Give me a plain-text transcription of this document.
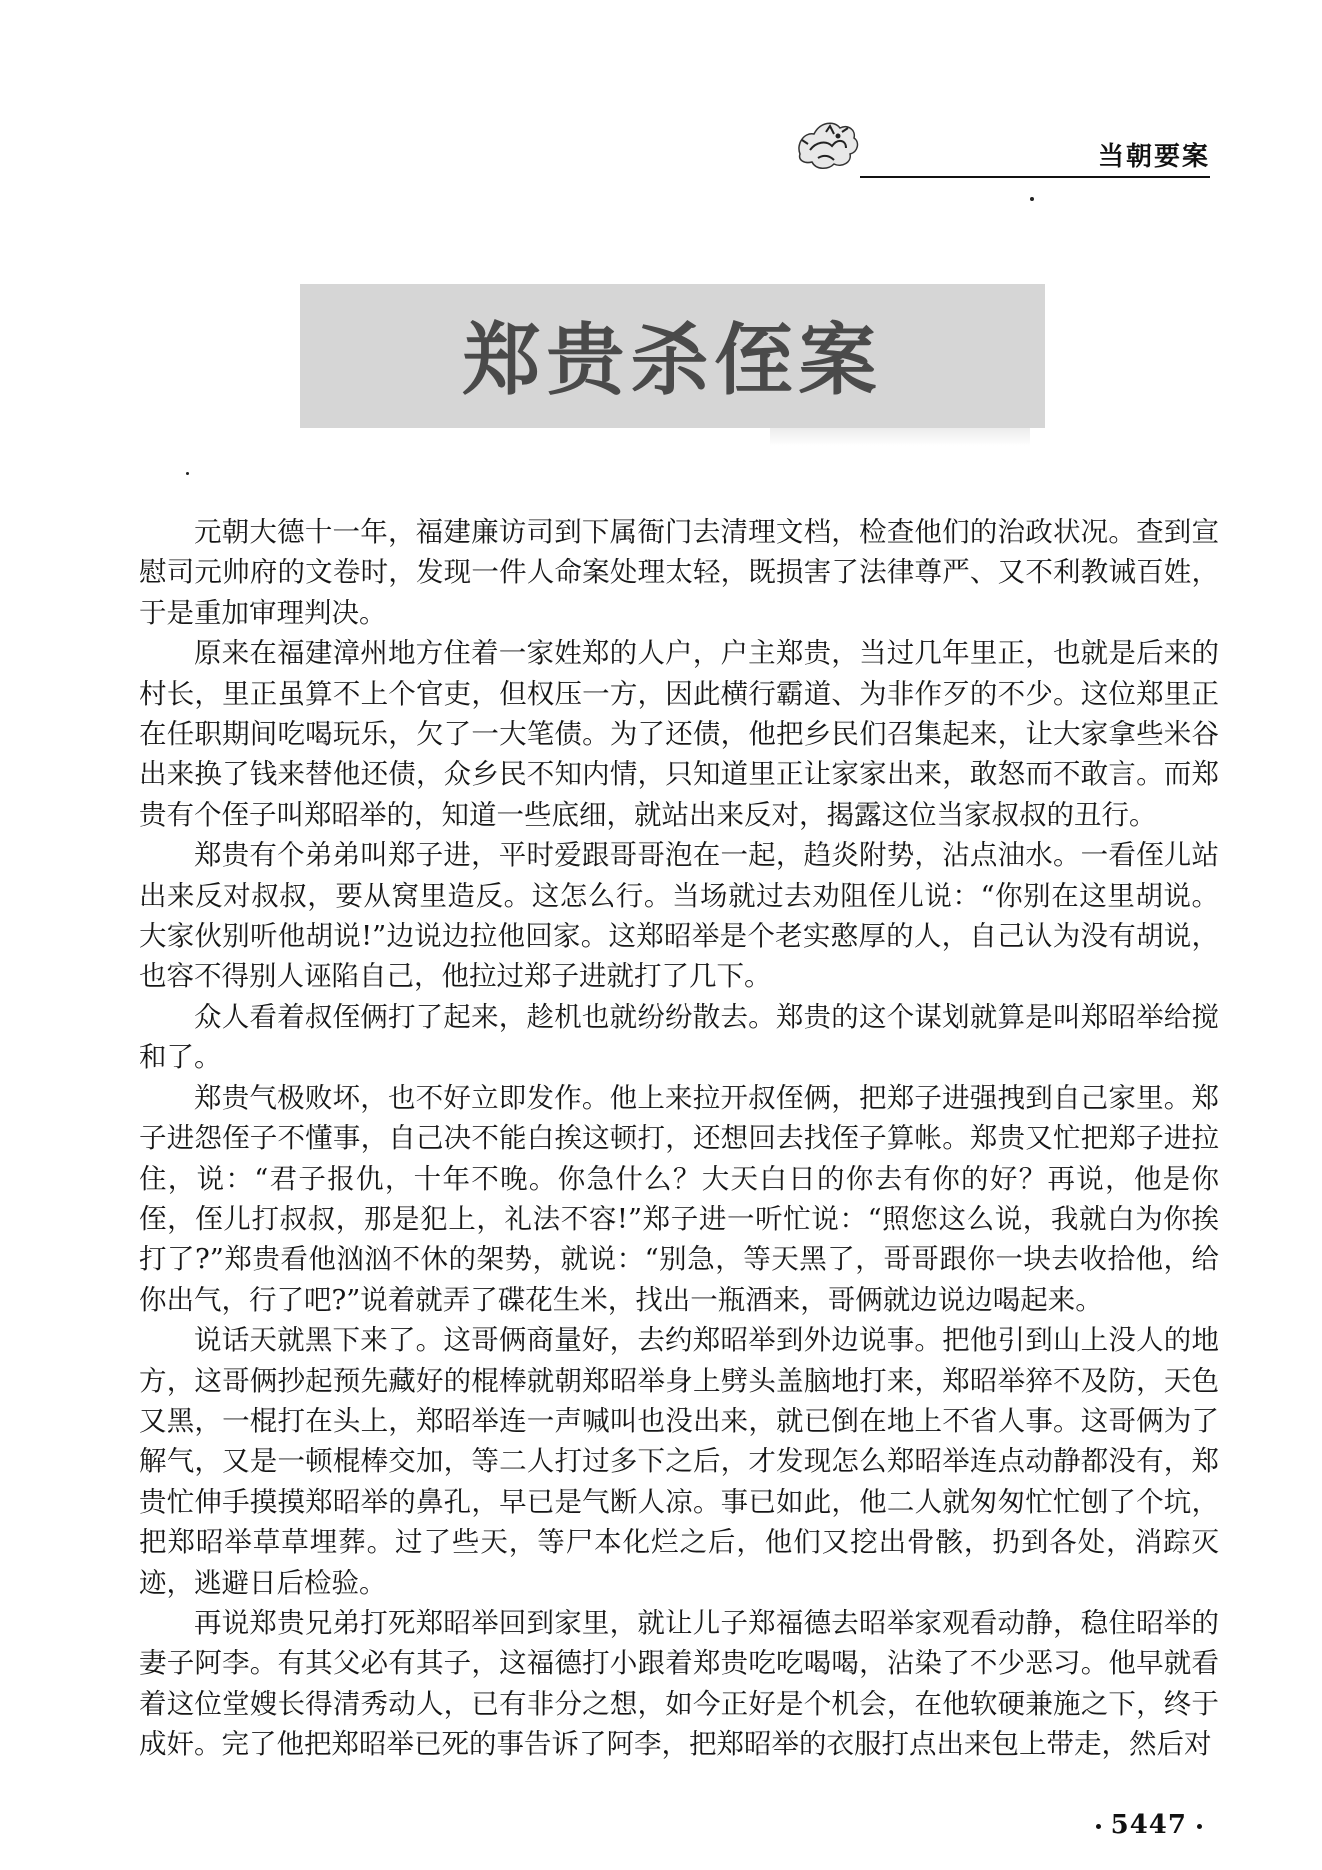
当朝要案
郑贵杀侄案

元朝大德十一年，福建廉访司到下属衙门去清理文档，检查他们的治政状况。查到宣慰司元帅府的文卷时，发现一件人命案处理太轻，既损害了法律尊严、又不利教诫百姓，于是重加审理判决。

原来在福建漳州地方住着一家姓郑的人户，户主郑贵，当过几年里正，也就是后来的村长，里正虽算不上个官吏，但权压一方，因此横行霸道、为非作歹的不少。这位郑里正在任职期间吃喝玩乐，欠了一大笔债。为了还债，他把乡民们召集起来，让大家拿些米谷出来换了钱来替他还债，众乡民不知内情，只知道里正让家家出来，敢怒而不敢言。而郑贵有个侄子叫郑昭举的，知道一些底细，就站出来反对，揭露这位当家叔叔的丑行。

郑贵有个弟弟叫郑子进，平时爱跟哥哥泡在一起，趋炎附势，沾点油水。一看侄儿站出来反对叔叔，要从窝里造反。这怎么行。当场就过去劝阻侄儿说：“你别在这里胡说。大家伙别听他胡说!”边说边拉他回家。这郑昭举是个老实憨厚的人，自己认为没有胡说，也容不得别人诬陷自己，他拉过郑子进就打了几下。

众人看着叔侄俩打了起来，趁机也就纷纷散去。郑贵的这个谋划就算是叫郑昭举给搅和了。

郑贵气极败坏，也不好立即发作。他上来拉开叔侄俩，把郑子进强拽到自己家里。郑子进怨侄子不懂事，自己决不能白挨这顿打，还想回去找侄子算帐。郑贵又忙把郑子进拉住，说：“君子报仇，十年不晚。你急什么？大天白日的你去有你的好？再说，他是你侄，侄儿打叔叔，那是犯上，礼法不容!”郑子进一听忙说：“照您这么说，我就白为你挨打了?”郑贵看他汹汹不休的架势，就说：“别急，等天黑了，哥哥跟你一块去收拾他，给你出气，行了吧?”说着就弄了碟花生米，找出一瓶酒来，哥俩就边说边喝起来。

说话天就黑下来了。这哥俩商量好，去约郑昭举到外边说事。把他引到山上没人的地方，这哥俩抄起预先藏好的棍棒就朝郑昭举身上劈头盖脑地打来，郑昭举猝不及防，天色又黑，一棍打在头上，郑昭举连一声喊叫也没出来，就已倒在地上不省人事。这哥俩为了解气，又是一顿棍棒交加，等二人打过多下之后，才发现怎么郑昭举连点动静都没有，郑贵忙伸手摸摸郑昭举的鼻孔，早已是气断人凉。事已如此，他二人就匆匆忙忙刨了个坑，把郑昭举草草埋葬。过了些天，等尸本化烂之后，他们又挖出骨骸，扔到各处，消踪灭迹，逃避日后检验。

再说郑贵兄弟打死郑昭举回到家里，就让儿子郑福德去昭举家观看动静，稳住昭举的妻子阿李。有其父必有其子，这福德打小跟着郑贵吃吃喝喝，沾染了不少恶习。他早就看着这位堂嫂长得清秀动人，已有非分之想，如今正好是个机会，在他软硬兼施之下，终于成奸。完了他把郑昭举已死的事告诉了阿李，把郑昭举的衣服打点出来包上带走，然后对

5447
